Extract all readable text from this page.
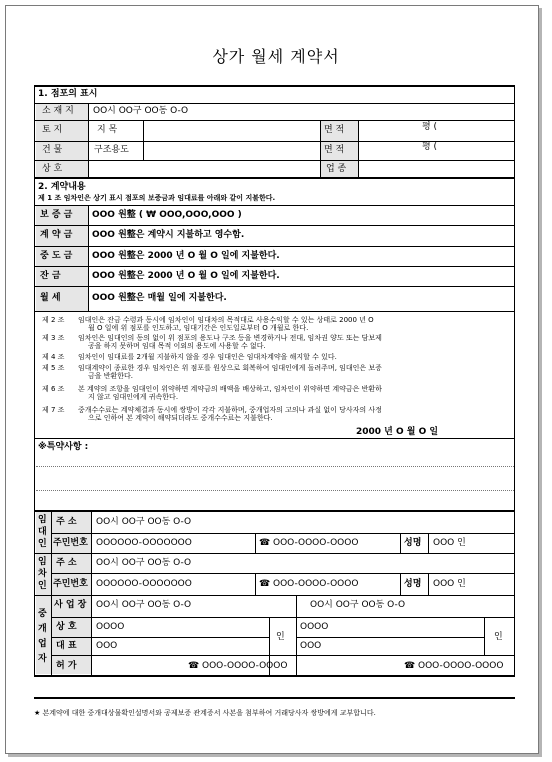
상가 월세 계약서
1. 점포의 표시
소 재 지 OO시 OO구 OO동 O-O
토 지	지 목	면 적	평 (
건 물	구조용도	면 적	평 (
상 호	업 종
2. 계약내용
제 1 조 임차인은 상기 표시 점포의 보증금과 임대료를 아래와 같이 지불한다.
보 증 금 OOO 원整 ( ₩ OOO,OOO,OOO )
계 약 금 OOO 원整은 계약시 지불하고 영수함.
중 도 금 OOO 원整은 2000 년 O 월 O 일에 지불한다.
잔 금	OOO 원整은 2000 년 O 월 O 일에 지불한다.
월 세	OOO 원整은 매월 일에 지불한다.
제 2 조 임대인은 잔금 수령과 동시에 임차인이 임대차의 목적대로 사용수익할 수 있는 상태로 2000 년 O
월 O 일에 위 점포를 인도하고, 임대기간은 인도일로부터 O 개월로 한다.
제 3 조 임차인은 임대인의 동의 없이 위 점포의 용도나 구조 등을 변경하거나 전대, 임차권 양도 또는 담보제
공을 하지 못하며 임대 목적 이외의 용도에 사용할 수 없다.
제 4 조 임차인이 임대료를 2개월 지불하지 않을 경우 임대인은 임대차계약을 해지할 수 있다.
제 5 조 임대계약이 종료한 경우 임차인은 위 점포를 원상으로 회복하여 임대인에게 돌려주며, 임대인은 보증
금을 반환한다.
제 6 조 본 계약의 조항을 임대인이 위약하면 계약금의 배액을 배상하고, 임차인이 위약하면 계약금은 반환하
지 않고 임대인에게 귀속한다.
제 7 조 중개수수료는 계약체결과 동시에 쌍방이 각각 지불하며, 중개업자의 고의나 과실 없이 당사자의 사정
으로 인하여 본 계약이 해약되더라도 중개수수료는 지불한다.
2000 년 O 월 O 일
※특약사항 :
임
대
인
주 소 OO시 OO구 OO동 O-O
주민번호 OOOOOO-OOOOOOO	☎ OOO-OOOO-OOOO	성명 OOO 인
임
차
인
주 소 OO시 OO구 OO동 O-O
주민번호 OOOOOO-OOOOOOO	☎ OOO-OOOO-OOOO	성명 OOO 인
중
개
업
자
사 업 장 OO시 OO구 OO동 O-O	OO시 OO구 OO동 O-O
상 호 OOOO	OOOO
대 표 OOO	OOO
인	인
허 가	☎ OOO-OOOO-OOOO	☎ OOO-OOOO-OOOO
★ 본계약에 대한 중개대상물확인설명서와 공제보증 관계증서 사본을 첨부하여 거래당사자 쌍방에게 교부합니다.
